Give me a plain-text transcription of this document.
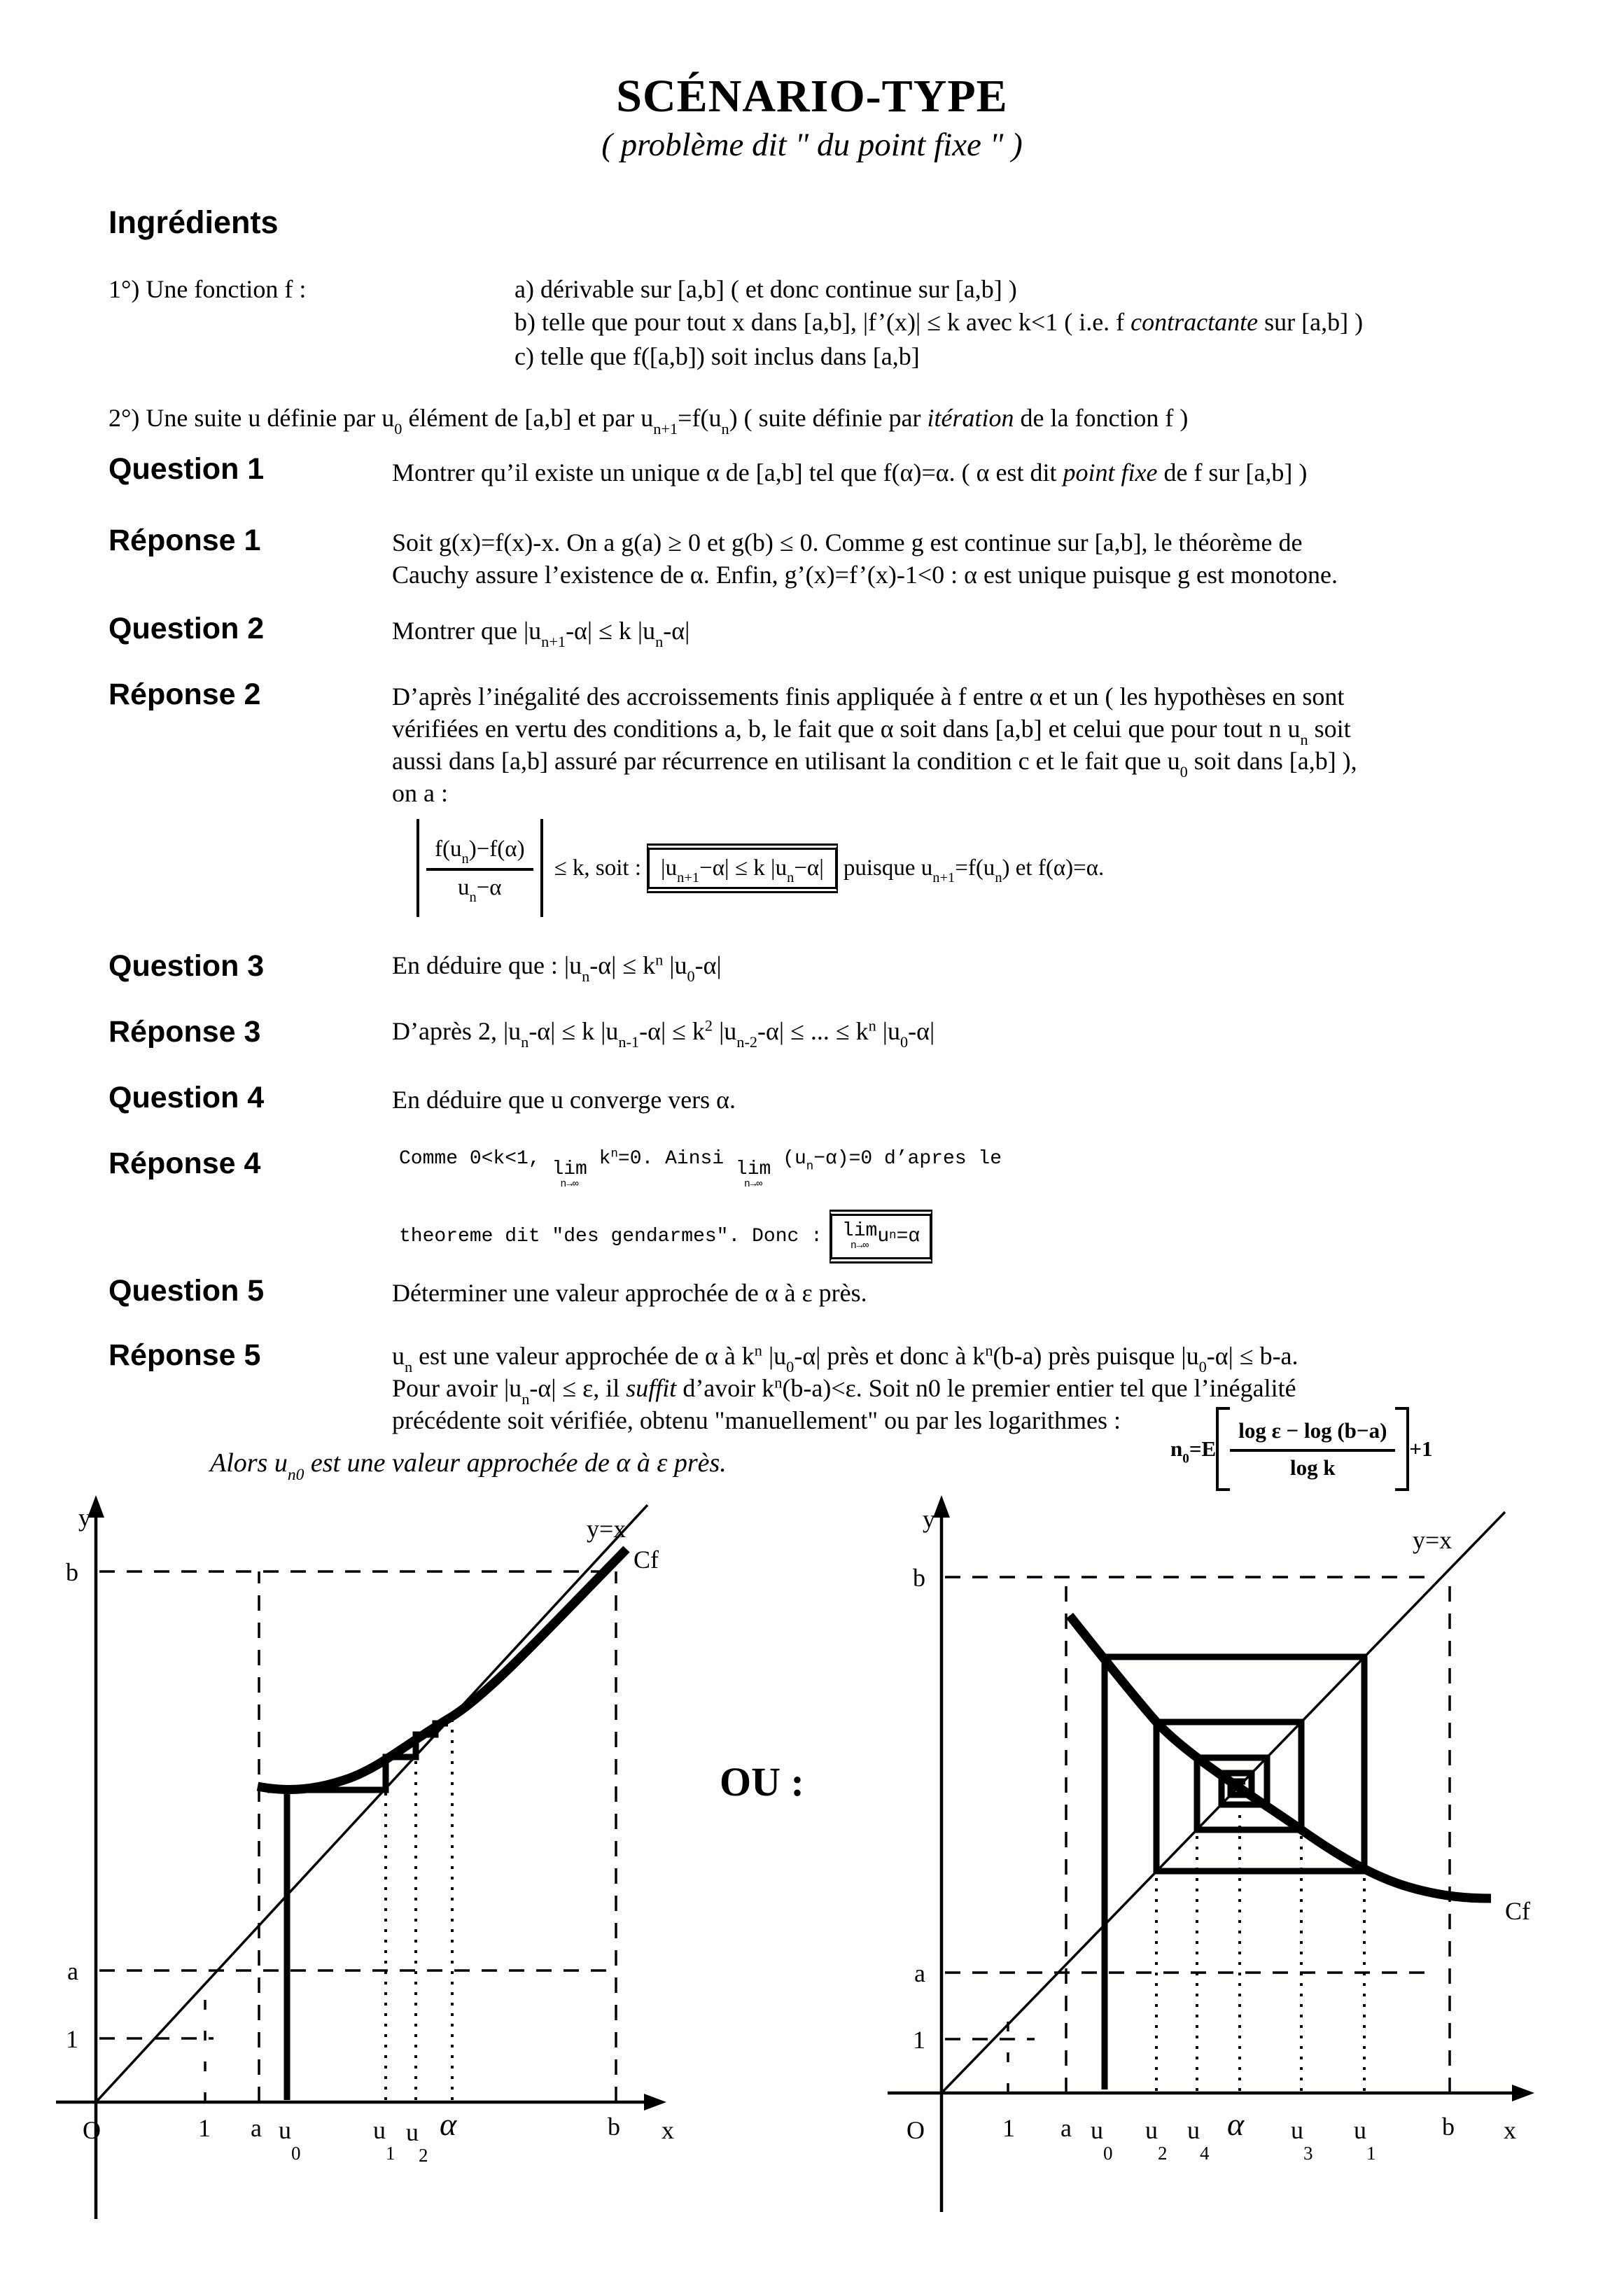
SCÉNARIO-TYPE
( problème dit " du point fixe " )
Ingrédients
1°) Une fonction f :	a) dérivable sur [a,b] ( et donc continue sur [a,b] )
b) telle que pour tout x dans [a,b], |f’(x)| ≤ k avec k<1 ( i.e. f contractante sur [a,b] )
c) telle que f([a,b]) soit inclus dans [a,b]
2°) Une suite u définie par $u_0$ élément de [a,b] et par $u_{n+1}=f(u_n)$ ( suite définie par itération de la fonction f )
Question 1	Montrer qu’il existe un unique α de [a,b] tel que f(α)=α. ( α est dit point fixe de f sur [a,b] )
Réponse 1	Soit g(x)=f(x)-x. On a g(a) ≥ 0 et g(b) ≤ 0. Comme g est continue sur [a,b], le théorème de
Cauchy assure l’existence de α. Enfin, g’(x)=f’(x)-1<0 : α est unique puisque g est monotone.
Question 2	Montrer que $|u_{n+1}-\alpha| \le k$ $|u_n-\alpha|$
Réponse 2	D’après l’inégalité des accroissements finis appliquée à f entre α et un ( les hypothèses en sont
vérifiées en vertu des conditions a, b, le fait que α soit dans [a,b] et celui que pour tout n $u_n$ soit
aussi dans [a,b] assuré par récurrence en utilisant la condition c et le fait que $u_0$ soit dans [a,b] ),
on a :
$\frac{f(u_n)-f(\alpha)}{u_n-\alpha} \le k$, soit : $|u_{n+1}-\alpha| \le k$ $|u_n-\alpha|$ puisque $u_{n+1}=f(u_n)$ et f(α)=α.
Question 3	En déduire que : $|u_n-\alpha| \le k^n$ $|u_0-\alpha|$
Réponse 3	D’après 2, $|u_n-\alpha| \le k$ $|u_{n-1}-\alpha| \le k^2$ $|u_{n-2}-\alpha|$ ≤ ... ≤ $k^n$ $|u_0-\alpha|$
Question 4	En déduire que u converge vers α.
Réponse 4	Comme 0<k<1, lim
n→∞
$k^n=0$. Ainsi lim
n→∞
$(u_n-\alpha)=0$ d’apres le
theoreme dit "des gendarmes". Donc : lim
n→∞ u n =α
Question 5	Déterminer une valeur approchée de α à ε près.
Réponse 5	$u_n$ est une valeur approchée de α à $k^n$ $|u_0-\alpha|$ près et donc à $k^n(b-a)$ près puisque $|u_0-\alpha| \le b-a$.
Pour avoir $|u_n-\alpha| \le \varepsilon$, il suffit d’avoir $k^n(b-a)<\varepsilon$. Soit n0 le premier entier tel que l’inégalité
précédente soit vérifiée, obtenu "manuellement" ou par les logarithmes :
$n_0=E \frac{\text{log ε − log (b−a)}}{\text{log k}} +1$
Alors $u_{n0}$ est une valeur approchée de α à ε près.
OU :
y
b
a
1
O	1 a $u_0$
$u_1$
$u_2$
α	b x
y=x
Cf
y
b
a
1
O	1 a $u_0$
$u_2$
$u_4$
α $u_3$
$u_1$
b x
y=x
Cf
